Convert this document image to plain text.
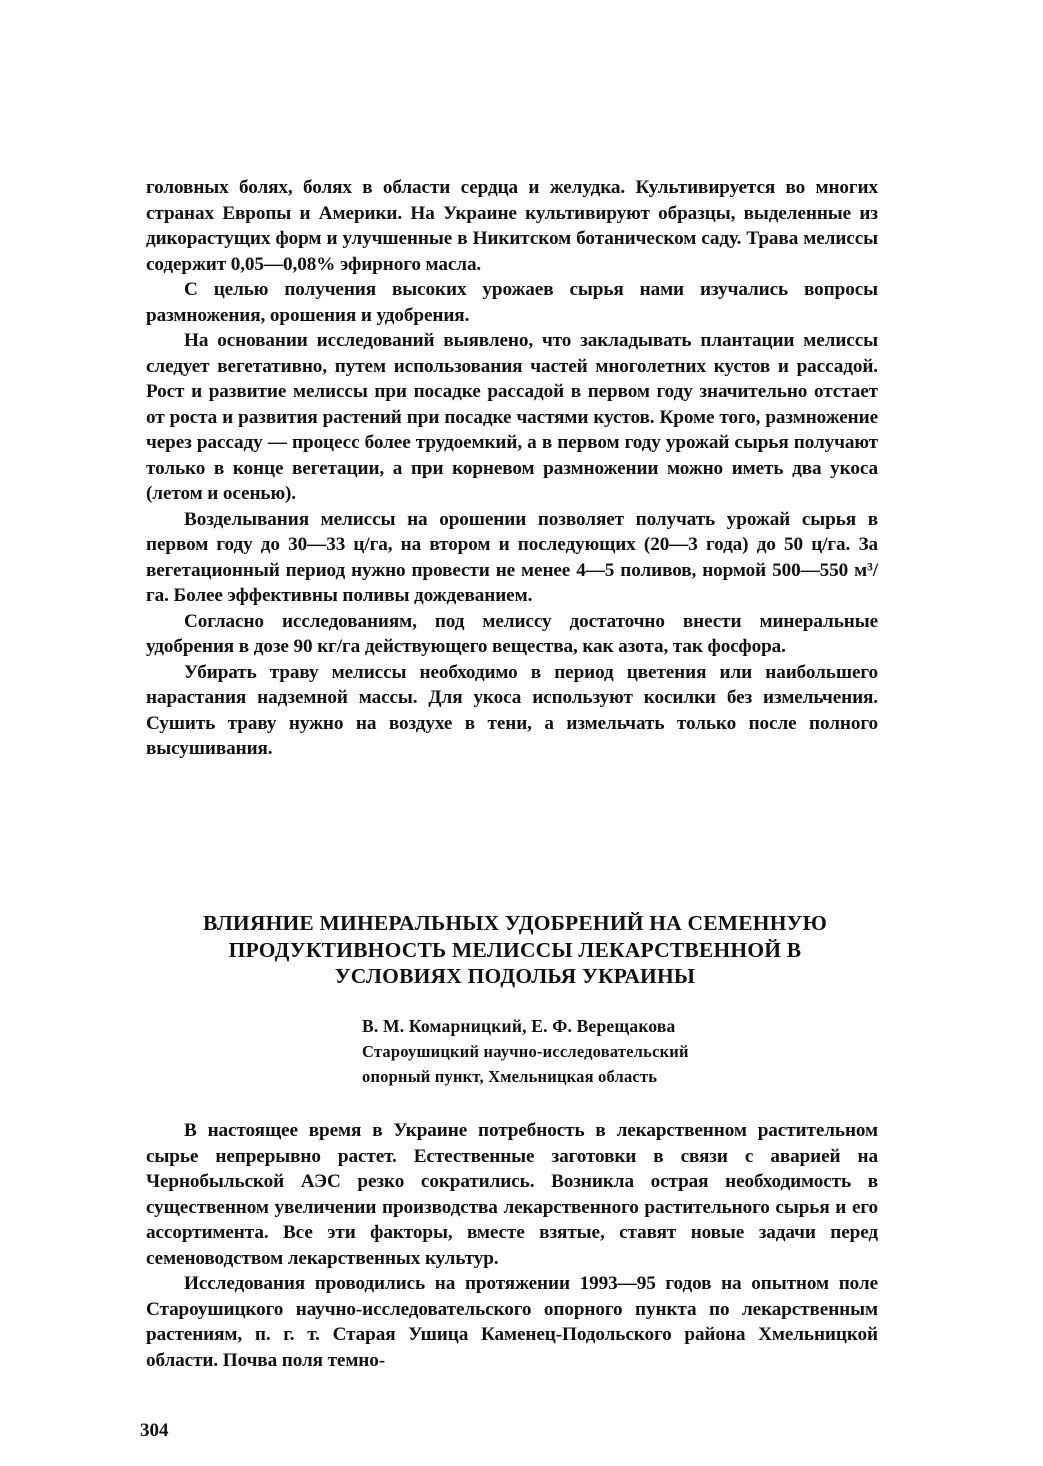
головных болях, болях в области сердца и желудка. Культивируется во многих странах Европы и Америки. На Украине культивируют образцы, выделенные из дикорастущих форм и улучшенные в Никитском ботаническом саду. Трава мелиссы содержит 0,05—0,08% эфирного масла.

С целью получения высоких урожаев сырья нами изучались вопросы размножения, орошения и удобрения.

На основании исследований выявлено, что закладывать плантации мелиссы следует вегетативно, путем использования частей многолетних кустов и рассадой. Рост и развитие мелиссы при посадке рассадой в первом году значительно отстает от роста и развития растений при посадке частями кустов. Кроме того, размножение через рассаду — процесс более трудоемкий, а в первом году урожай сырья получают только в конце вегетации, а при корневом размножении можно иметь два укоса (летом и осенью).

Возделывания мелиссы на орошении позволяет получать урожай сырья в первом году до 30—33 ц/га, на втором и последующих (20—3 года) до 50 ц/га. За вегетационный период нужно провести не менее 4—5 поливов, нормой 500—550 м³/га. Более эффективны поливы дождеванием.

Согласно исследованиям, под мелиссу достаточно внести минеральные удобрения в дозе 90 кг/га действующего вещества, как азота, так фосфора.

Убирать траву мелиссы необходимо в период цветения или наибольшего нарастания надземной массы. Для укоса используют косилки без измельчения. Сушить траву нужно на воздухе в тени, а измельчать только после полного высушивания.

ВЛИЯНИЕ МИНЕРАЛЬНЫХ УДОБРЕНИЙ НА СЕМЕННУЮ
ПРОДУКТИВНОСТЬ МЕЛИССЫ ЛЕКАРСТВЕННОЙ В
УСЛОВИЯХ ПОДОЛЬЯ УКРАИНЫ
В. М. Комарницкий, Е. Ф. Верещакова
Староушицкий научно-исследовательский
опорный пункт, Хмельницкая область

В настоящее время в Украине потребность в лекарственном растительном сырье непрерывно растет. Естественные заготовки в связи с аварией на Чернобыльской АЭС резко сократились. Возникла острая необходимость в существенном увеличении производства лекарственного растительного сырья и его ассортимента. Все эти факторы, вместе взятые, ставят новые задачи перед семеноводством лекарственных культур.

Исследования проводились на протяжении 1993—95 годов на опытном поле Староушицкого научно-исследовательского опорного пункта по лекарственным растениям, п. г. т. Старая Ушица Каменец-Подольского района Хмельницкой области. Почва поля темно-

304
